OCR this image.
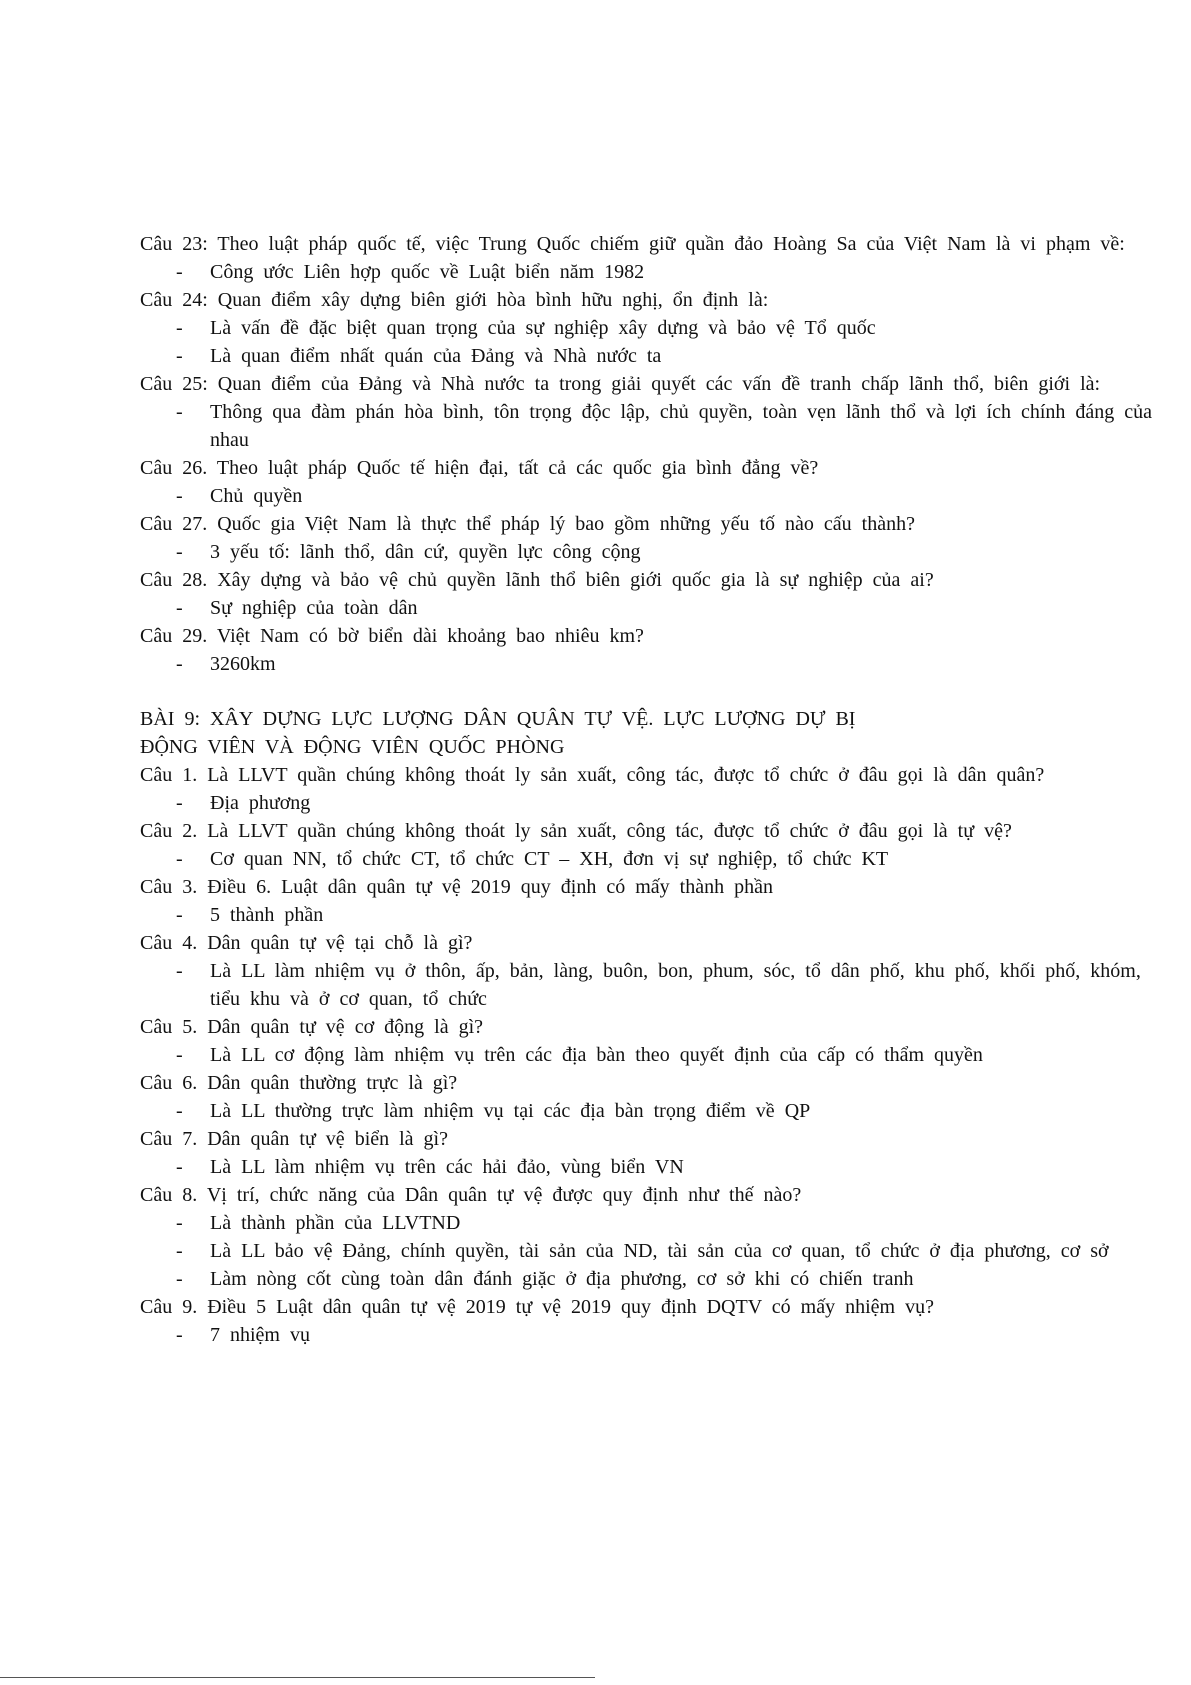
Câu 23: Theo luật pháp quốc tế, việc Trung Quốc chiếm giữ quần đảo Hoàng Sa của Việt Nam là vi phạm về:

- Công ước Liên hợp quốc về Luật biển năm 1982

Câu 24: Quan điểm xây dựng biên giới hòa bình hữu nghị, ổn định là:

- Là vấn đề đặc biệt quan trọng của sự nghiệp xây dựng và bảo vệ Tổ quốc

- Là quan điểm nhất quán của Đảng và Nhà nước ta

Câu 25: Quan điểm của Đảng và Nhà nước ta trong giải quyết các vấn đề tranh chấp lãnh thổ, biên giới là:

- Thông qua đàm phán hòa bình, tôn trọng độc lập, chủ quyền, toàn vẹn lãnh thổ và lợi ích chính đáng của nhau

Câu 26. Theo luật pháp Quốc tế hiện đại, tất cả các quốc gia bình đẳng về?

- Chủ quyền

Câu 27. Quốc gia Việt Nam là thực thể pháp lý bao gồm những yếu tố nào cấu thành?

- 3 yếu tố: lãnh thổ, dân cứ, quyền lực công cộng

Câu 28. Xây dựng và bảo vệ chủ quyền lãnh thổ biên giới quốc gia là sự nghiệp của ai?

- Sự nghiệp của toàn dân

Câu 29. Việt Nam có bờ biển dài khoảng bao nhiêu km?

- 3260km

BÀI 9: XÂY DỰNG LỰC LƯỢNG DÂN QUÂN TỰ VỆ. LỰC LƯỢNG DỰ BỊ

ĐỘNG VIÊN VÀ ĐỘNG VIÊN QUỐC PHÒNG

Câu 1. Là LLVT quần chúng không thoát ly sản xuất, công tác, được tổ chức ở đâu gọi là dân quân?

- Địa phương

Câu 2. Là LLVT quần chúng không thoát ly sản xuất, công tác, được tổ chức ở đâu gọi là tự vệ?

- Cơ quan NN, tổ chức CT, tổ chức CT – XH, đơn vị sự nghiệp, tổ chức KT

Câu 3. Điều 6. Luật dân quân tự vệ 2019 quy định có mấy thành phần

- 5 thành phần

Câu 4. Dân quân tự vệ tại chỗ là gì?

- Là LL làm nhiệm vụ ở thôn, ấp, bản, làng, buôn, bon, phum, sóc, tổ dân phố, khu phố, khối phố, khóm, tiểu khu và ở cơ quan, tổ chức

Câu 5. Dân quân tự vệ cơ động là gì?

- Là LL cơ động làm nhiệm vụ trên các địa bàn theo quyết định của cấp có thẩm quyền

Câu 6. Dân quân thường trực là gì?

- Là LL thường trực làm nhiệm vụ tại các địa bàn trọng điểm về QP

Câu 7. Dân quân tự vệ biển là gì?

- Là LL làm nhiệm vụ trên các hải đảo, vùng biển VN

Câu 8. Vị trí, chức năng của Dân quân tự vệ được quy định như thế nào?

- Là thành phần của LLVTND

- Là LL bảo vệ Đảng, chính quyền, tài sản của ND, tài sản của cơ quan, tổ chức ở địa phương, cơ sở

- Làm nòng cốt cùng toàn dân đánh giặc ở địa phương, cơ sở khi có chiến tranh

Câu 9. Điều 5 Luật dân quân tự vệ 2019 tự vệ 2019 quy định DQTV có mấy nhiệm vụ?

- 7 nhiệm vụ
